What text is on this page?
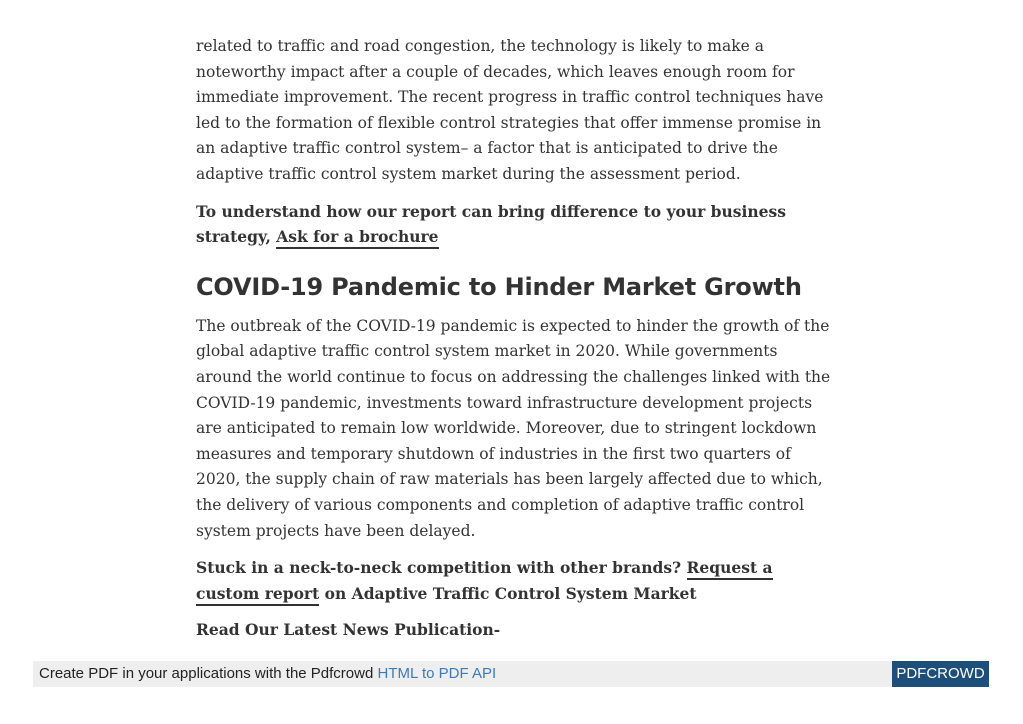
related to traffic and road congestion, the technology is likely to make a noteworthy impact after a couple of decades, which leaves enough room for immediate improvement. The recent progress in traffic control techniques have led to the formation of flexible control strategies that offer immense promise in an adaptive traffic control system– a factor that is anticipated to drive the adaptive traffic control system market during the assessment period.

To understand how our report can bring difference to your business strategy, Ask for a brochure

COVID-19 Pandemic to Hinder Market Growth

The outbreak of the COVID-19 pandemic is expected to hinder the growth of the global adaptive traffic control system market in 2020. While governments around the world continue to focus on addressing the challenges linked with the COVID-19 pandemic, investments toward infrastructure development projects are anticipated to remain low worldwide. Moreover, due to stringent lockdown measures and temporary shutdown of industries in the first two quarters of 2020, the supply chain of raw materials has been largely affected due to which, the delivery of various components and completion of adaptive traffic control system projects have been delayed.

Stuck in a neck-to-neck competition with other brands? Request a custom report on Adaptive Traffic Control System Market

Read Our Latest News Publication-

Create PDF in your applications with the Pdfcrowd HTML to PDF API	PDFCROWD
